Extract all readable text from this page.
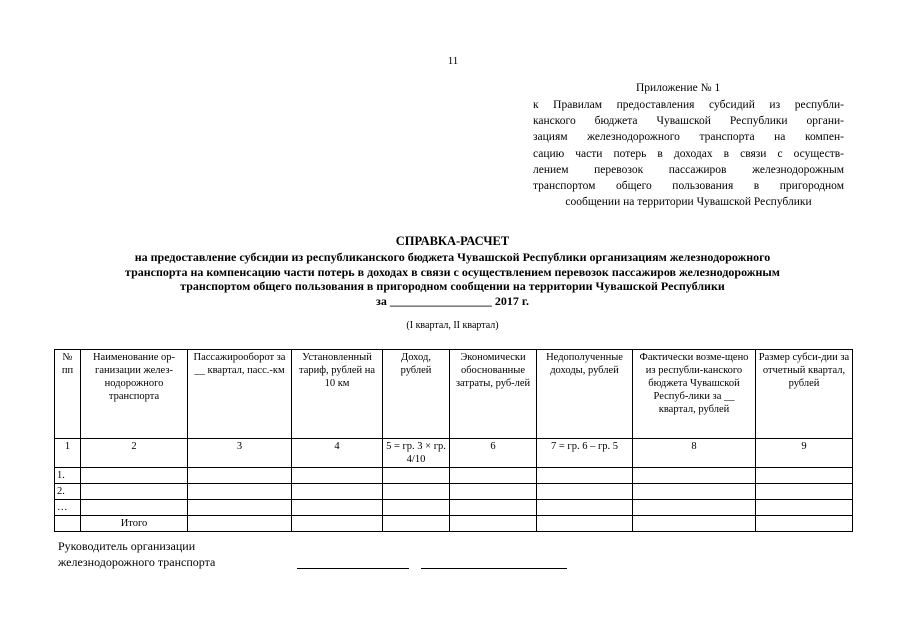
11
Приложение № 1
к Правилам предоставления субсидий из республи-
канского бюджета Чувашской Республики органи-
зациям железнодорожного транспорта на компен-
сацию части потерь в доходах в связи с осуществ-
лением перевозок пассажиров железнодорожным
транспортом общего пользования в пригородном
сообщении на территории Чувашской Республики
СПРАВКА-РАСЧЕТ
на предоставление субсидии из республиканского бюджета Чувашской Республики организациям железнодорожного
транспорта на компенсацию части потерь в доходах в связи с осуществлением перевозок пассажиров железнодорожным
транспортом общего пользования в пригородном сообщении на территории Чувашской Республики
за _________________ 2017 г.
(I квартал, II квартал)
№ пп	Наименование ор-ганизации желез-нодорожного транспорта	Пассажирооборот за __ квартал, пасс.-км	Установленный тариф, рублей на 10 км	Доход, рублей	Экономически обоснованные затраты, руб-лей	Недополученные доходы, рублей	Фактически возме-щено из республи-канского бюджета Чувашской Респуб-лики за __ квартал, рублей	Размер субси-дии за отчетный квартал, рублей
1	2	3	4	5 = гр. 3 × гр. 4/10	6	7 = гр. 6 – гр. 5	8	9
1.								
2.								
…								
	Итого							
Руководитель организации
железнодорожного транспорта
